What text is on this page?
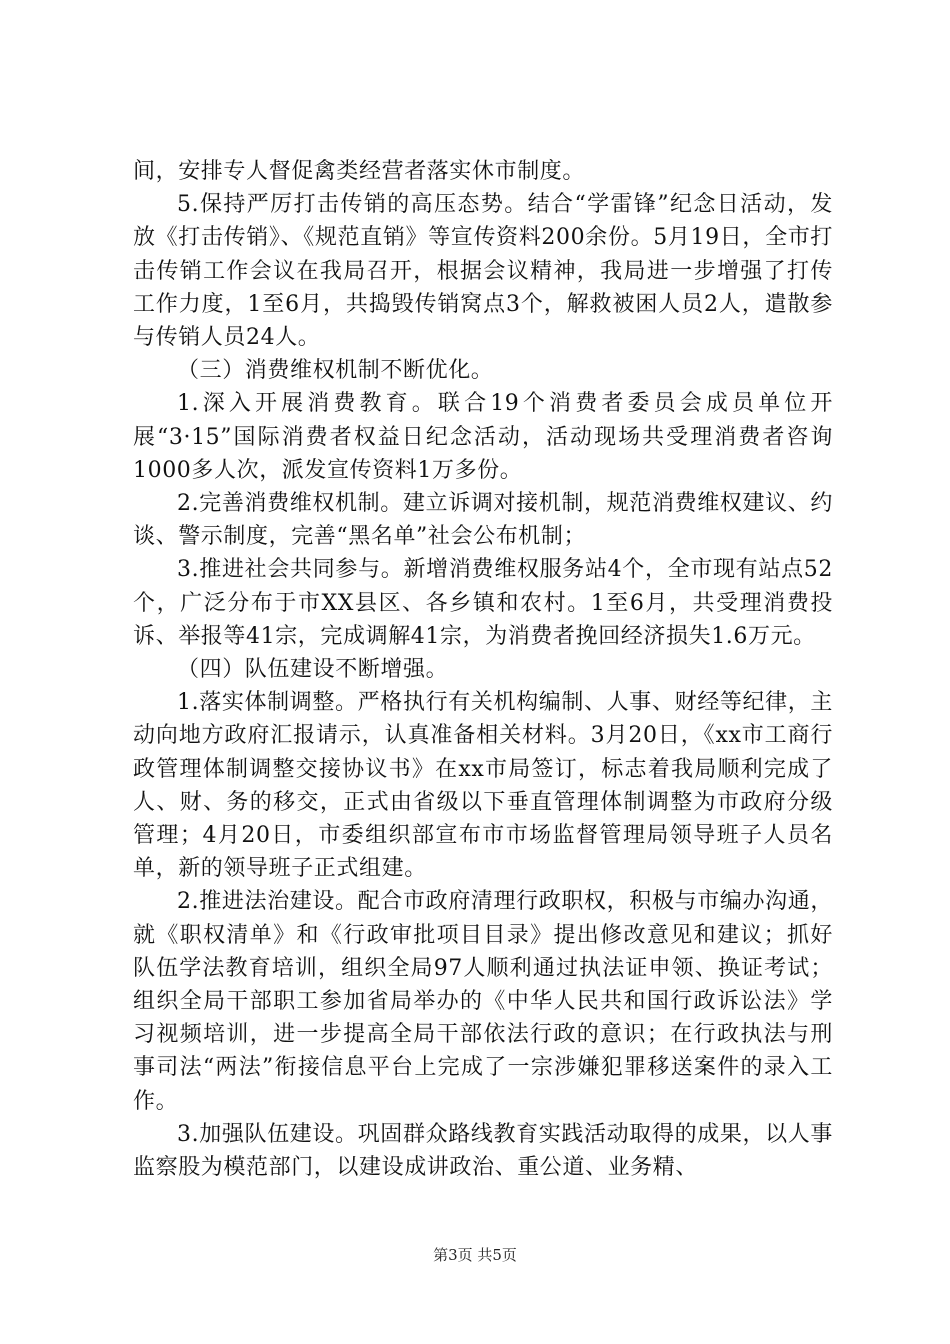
间，安排专人督促禽类经营者落实休市制度。

5.保持严厉打击传销的高压态势。结合“学雷锋”纪念日活动，发放《打击传销》、《规范直销》等宣传资料200余份。5月19日，全市打击传销工作会议在我局召开，根据会议精神，我局进一步增强了打传工作力度，1至6月，共捣毁传销窝点3个，解救被困人员2人，遣散参与传销人员24人。

（三）消费维权机制不断优化。

1.深入开展消费教育。联合19个消费者委员会成员单位开展“3·15”国际消费者权益日纪念活动，活动现场共受理消费者咨询1000多人次，派发宣传资料1万多份。

2.完善消费维权机制。建立诉调对接机制，规范消费维权建议、约谈、警示制度，完善“黑名单”社会公布机制；

3.推进社会共同参与。新增消费维权服务站4个，全市现有站点52个，广泛分布于市XX县区、各乡镇和农村。1至6月，共受理消费投诉、举报等41宗，完成调解41宗，为消费者挽回经济损失1.6万元。

（四）队伍建设不断增强。

1.落实体制调整。严格执行有关机构编制、人事、财经等纪律，主动向地方政府汇报请示，认真准备相关材料。3月20日，《xx市工商行政管理体制调整交接协议书》在xx市局签订，标志着我局顺利完成了人、财、务的移交，正式由省级以下垂直管理体制调整为市政府分级管理；4月20日，市委组织部宣布市市场监督管理局领导班子人员名单，新的领导班子正式组建。

2.推进法治建设。配合市政府清理行政职权，积极与市编办沟通，就《职权清单》和《行政审批项目目录》提出修改意见和建议；抓好队伍学法教育培训，组织全局97人顺利通过执法证申领、换证考试；组织全局干部职工参加省局举办的《中华人民共和国行政诉讼法》学习视频培训，进一步提高全局干部依法行政的意识；在行政执法与刑事司法“两法”衔接信息平台上完成了一宗涉嫌犯罪移送案件的录入工作。

3.加强队伍建设。巩固群众路线教育实践活动取得的成果，以人事监察股为模范部门，以建设成讲政治、重公道、业务精、

第3页 共5页
